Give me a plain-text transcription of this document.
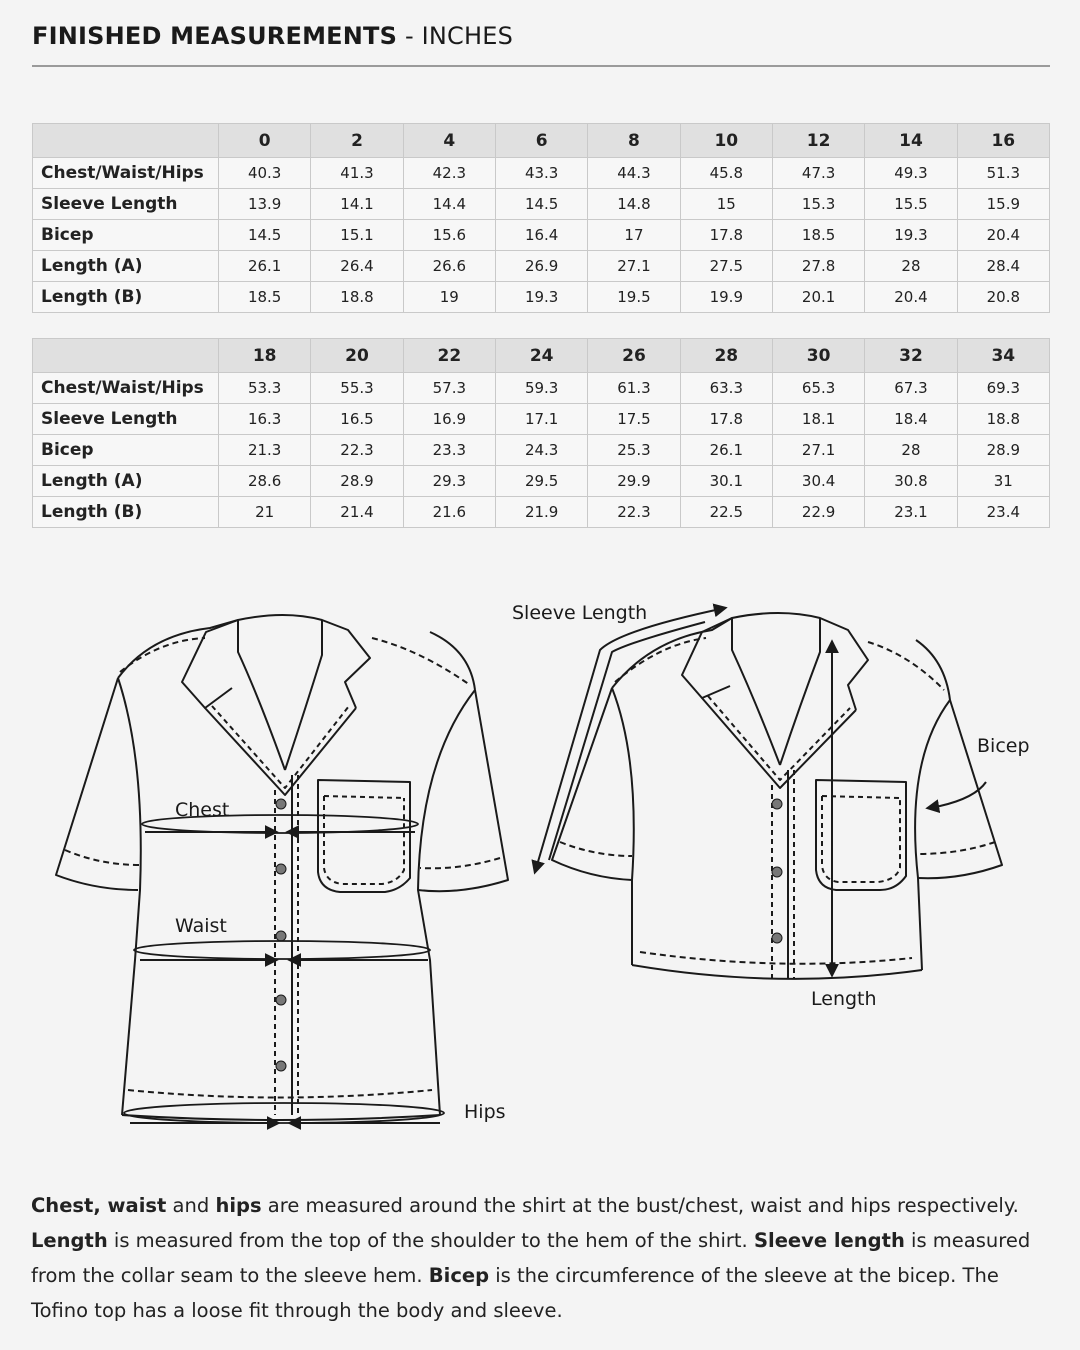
FINISHED MEASUREMENTS - INCHES
	0	2	4	6	8	10	12	14	16
Chest/Waist/Hips	40.3	41.3	42.3	43.3	44.3	45.8	47.3	49.3	51.3
Sleeve Length	13.9	14.1	14.4	14.5	14.8	15	15.3	15.5	15.9
Bicep	14.5	15.1	15.6	16.4	17	17.8	18.5	19.3	20.4
Length (A)	26.1	26.4	26.6	26.9	27.1	27.5	27.8	28	28.4
Length (B)	18.5	18.8	19	19.3	19.5	19.9	20.1	20.4	20.8
	18	20	22	24	26	28	30	32	34
Chest/Waist/Hips	53.3	55.3	57.3	59.3	61.3	63.3	65.3	67.3	69.3
Sleeve Length	16.3	16.5	16.9	17.1	17.5	17.8	18.1	18.4	18.8
Bicep	21.3	22.3	23.3	24.3	25.3	26.1	27.1	28	28.9
Length (A)	28.6	28.9	29.3	29.5	29.9	30.1	30.4	30.8	31
Length (B)	21	21.4	21.6	21.9	22.3	22.5	22.9	23.1	23.4
Chest
Waist
Hips
Sleeve Length
Bicep
Length
Chest, waist and hips are measured around the shirt at the bust/chest, waist and hips respectively. Length is measured from the top of the shoulder to the hem of the shirt. Sleeve length is measured from the collar seam to the sleeve hem. Bicep is the circumference of the sleeve at the bicep. The Tofino top has a loose fit through the body and sleeve.
